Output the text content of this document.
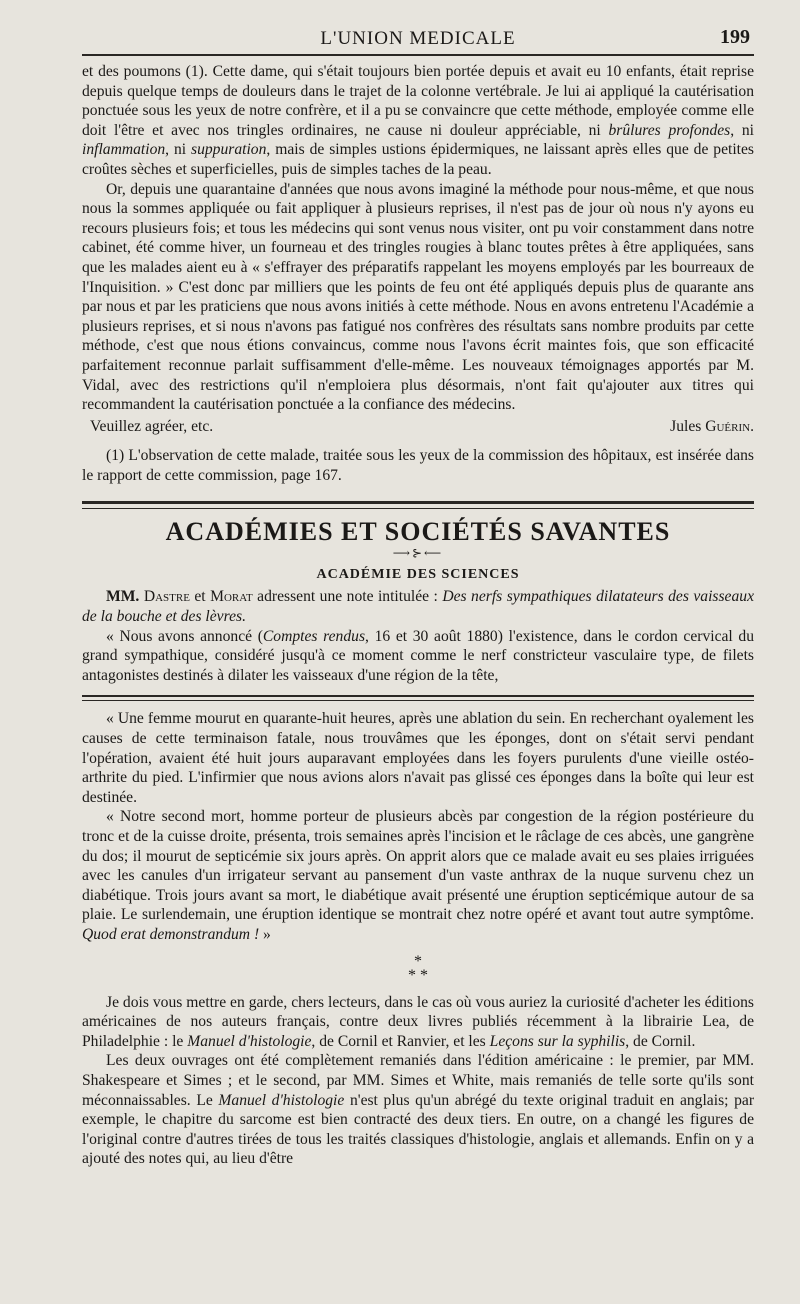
L'UNION MEDICALE	199

et des poumons (1). Cette dame, qui s'était toujours bien portée depuis et avait eu 10 enfants, était reprise depuis quelque temps de douleurs dans le trajet de la colonne vertébrale. Je lui ai appliqué la cautérisation ponctuée sous les yeux de notre confrère, et il a pu se convaincre que cette méthode, employée comme elle doit l'être et avec nos tringles ordinaires, ne cause ni douleur appréciable, ni brûlures profondes, ni inflammation, ni suppuration, mais de simples ustions épidermiques, ne laissant après elles que de petites croûtes sèches et superficielles, puis de simples taches de la peau.

Or, depuis une quarantaine d'années que nous avons imaginé la méthode pour nous-même, et que nous nous la sommes appliquée ou fait appliquer à plusieurs reprises, il n'est pas de jour où nous n'y ayons eu recours plusieurs fois; et tous les médecins qui sont venus nous visiter, ont pu voir constamment dans notre cabinet, été comme hiver, un fourneau et des tringles rougies à blanc toutes prêtes à être appliquées, sans que les malades aient eu à « s'effrayer des préparatifs rappelant les moyens employés par les bourreaux de l'Inquisition. » C'est donc par milliers que les points de feu ont été appliqués depuis plus de quarante ans par nous et par les praticiens que nous avons initiés à cette méthode. Nous en avons entretenu l'Académie a plusieurs reprises, et si nous n'avons pas fatigué nos confrères des résultats sans nombre produits par cette méthode, c'est que nous étions convaincus, comme nous l'avons écrit maintes fois, que son efficacité parfaitement reconnue parlait suffisamment d'elle-même. Les nouveaux témoignages apportés par M. Vidal, avec des restrictions qu'il n'emploiera plus désormais, n'ont fait qu'ajouter aux titres qui recommandent la cautérisation ponctuée a la confiance des médecins.

Veuillez agréer, etc.	Jules Guérin.

(1) L'observation de cette malade, traitée sous les yeux de la commission des hôpitaux, est insérée dans le rapport de cette commission, page 167.

ACADÉMIES ET SOCIÉTÉS SAVANTES
⟶⊱⟵
ACADÉMIE DES SCIENCES

MM. Dastre et Morat adressent une note intitulée : Des nerfs sympathiques dilatateurs des vaisseaux de la bouche et des lèvres.

« Nous avons annoncé (Comptes rendus, 16 et 30 août 1880) l'existence, dans le cordon cervical du grand sympathique, considéré jusqu'à ce moment comme le nerf constricteur vasculaire type, de filets antagonistes destinés à dilater les vaisseaux d'une région de la tête,

« Une femme mourut en quarante-huit heures, après une ablation du sein. En recherchant oyalement les causes de cette terminaison fatale, nous trouvâmes que les éponges, dont on s'était servi pendant l'opération, avaient été huit jours auparavant employées dans les foyers purulents d'une vieille ostéo-arthrite du pied. L'infirmier que nous avions alors n'avait pas glissé ces éponges dans la boîte qui leur est destinée.

« Notre second mort, homme porteur de plusieurs abcès par congestion de la région postérieure du tronc et de la cuisse droite, présenta, trois semaines après l'incision et le râclage de ces abcès, une gangrène du dos; il mourut de septicémie six jours après. On apprit alors que ce malade avait eu ses plaies irriguées avec les canules d'un irrigateur servant au pansement d'un vaste anthrax de la nuque survenu chez un diabétique. Trois jours avant sa mort, le diabétique avait présenté une éruption septicémique autour de sa plaie. Le surlendemain, une éruption identique se montrait chez notre opéré et avant tout autre symptôme. Quod erat demonstrandum ! »

*
* *

Je dois vous mettre en garde, chers lecteurs, dans le cas où vous auriez la curiosité d'acheter les éditions américaines de nos auteurs français, contre deux livres publiés récemment à la librairie Lea, de Philadelphie : le Manuel d'histologie, de Cornil et Ranvier, et les Leçons sur la syphilis, de Cornil.

Les deux ouvrages ont été complètement remaniés dans l'édition américaine : le premier, par MM. Shakespeare et Simes ; et le second, par MM. Simes et White, mais remaniés de telle sorte qu'ils sont méconnaissables. Le Manuel d'histologie n'est plus qu'un abrégé du texte original traduit en anglais; par exemple, le chapitre du sarcome est bien contracté des deux tiers. En outre, on a changé les figures de l'original contre d'autres tirées de tous les traités classiques d'histologie, anglais et allemands. Enfin on y a ajouté des notes qui, au lieu d'être
